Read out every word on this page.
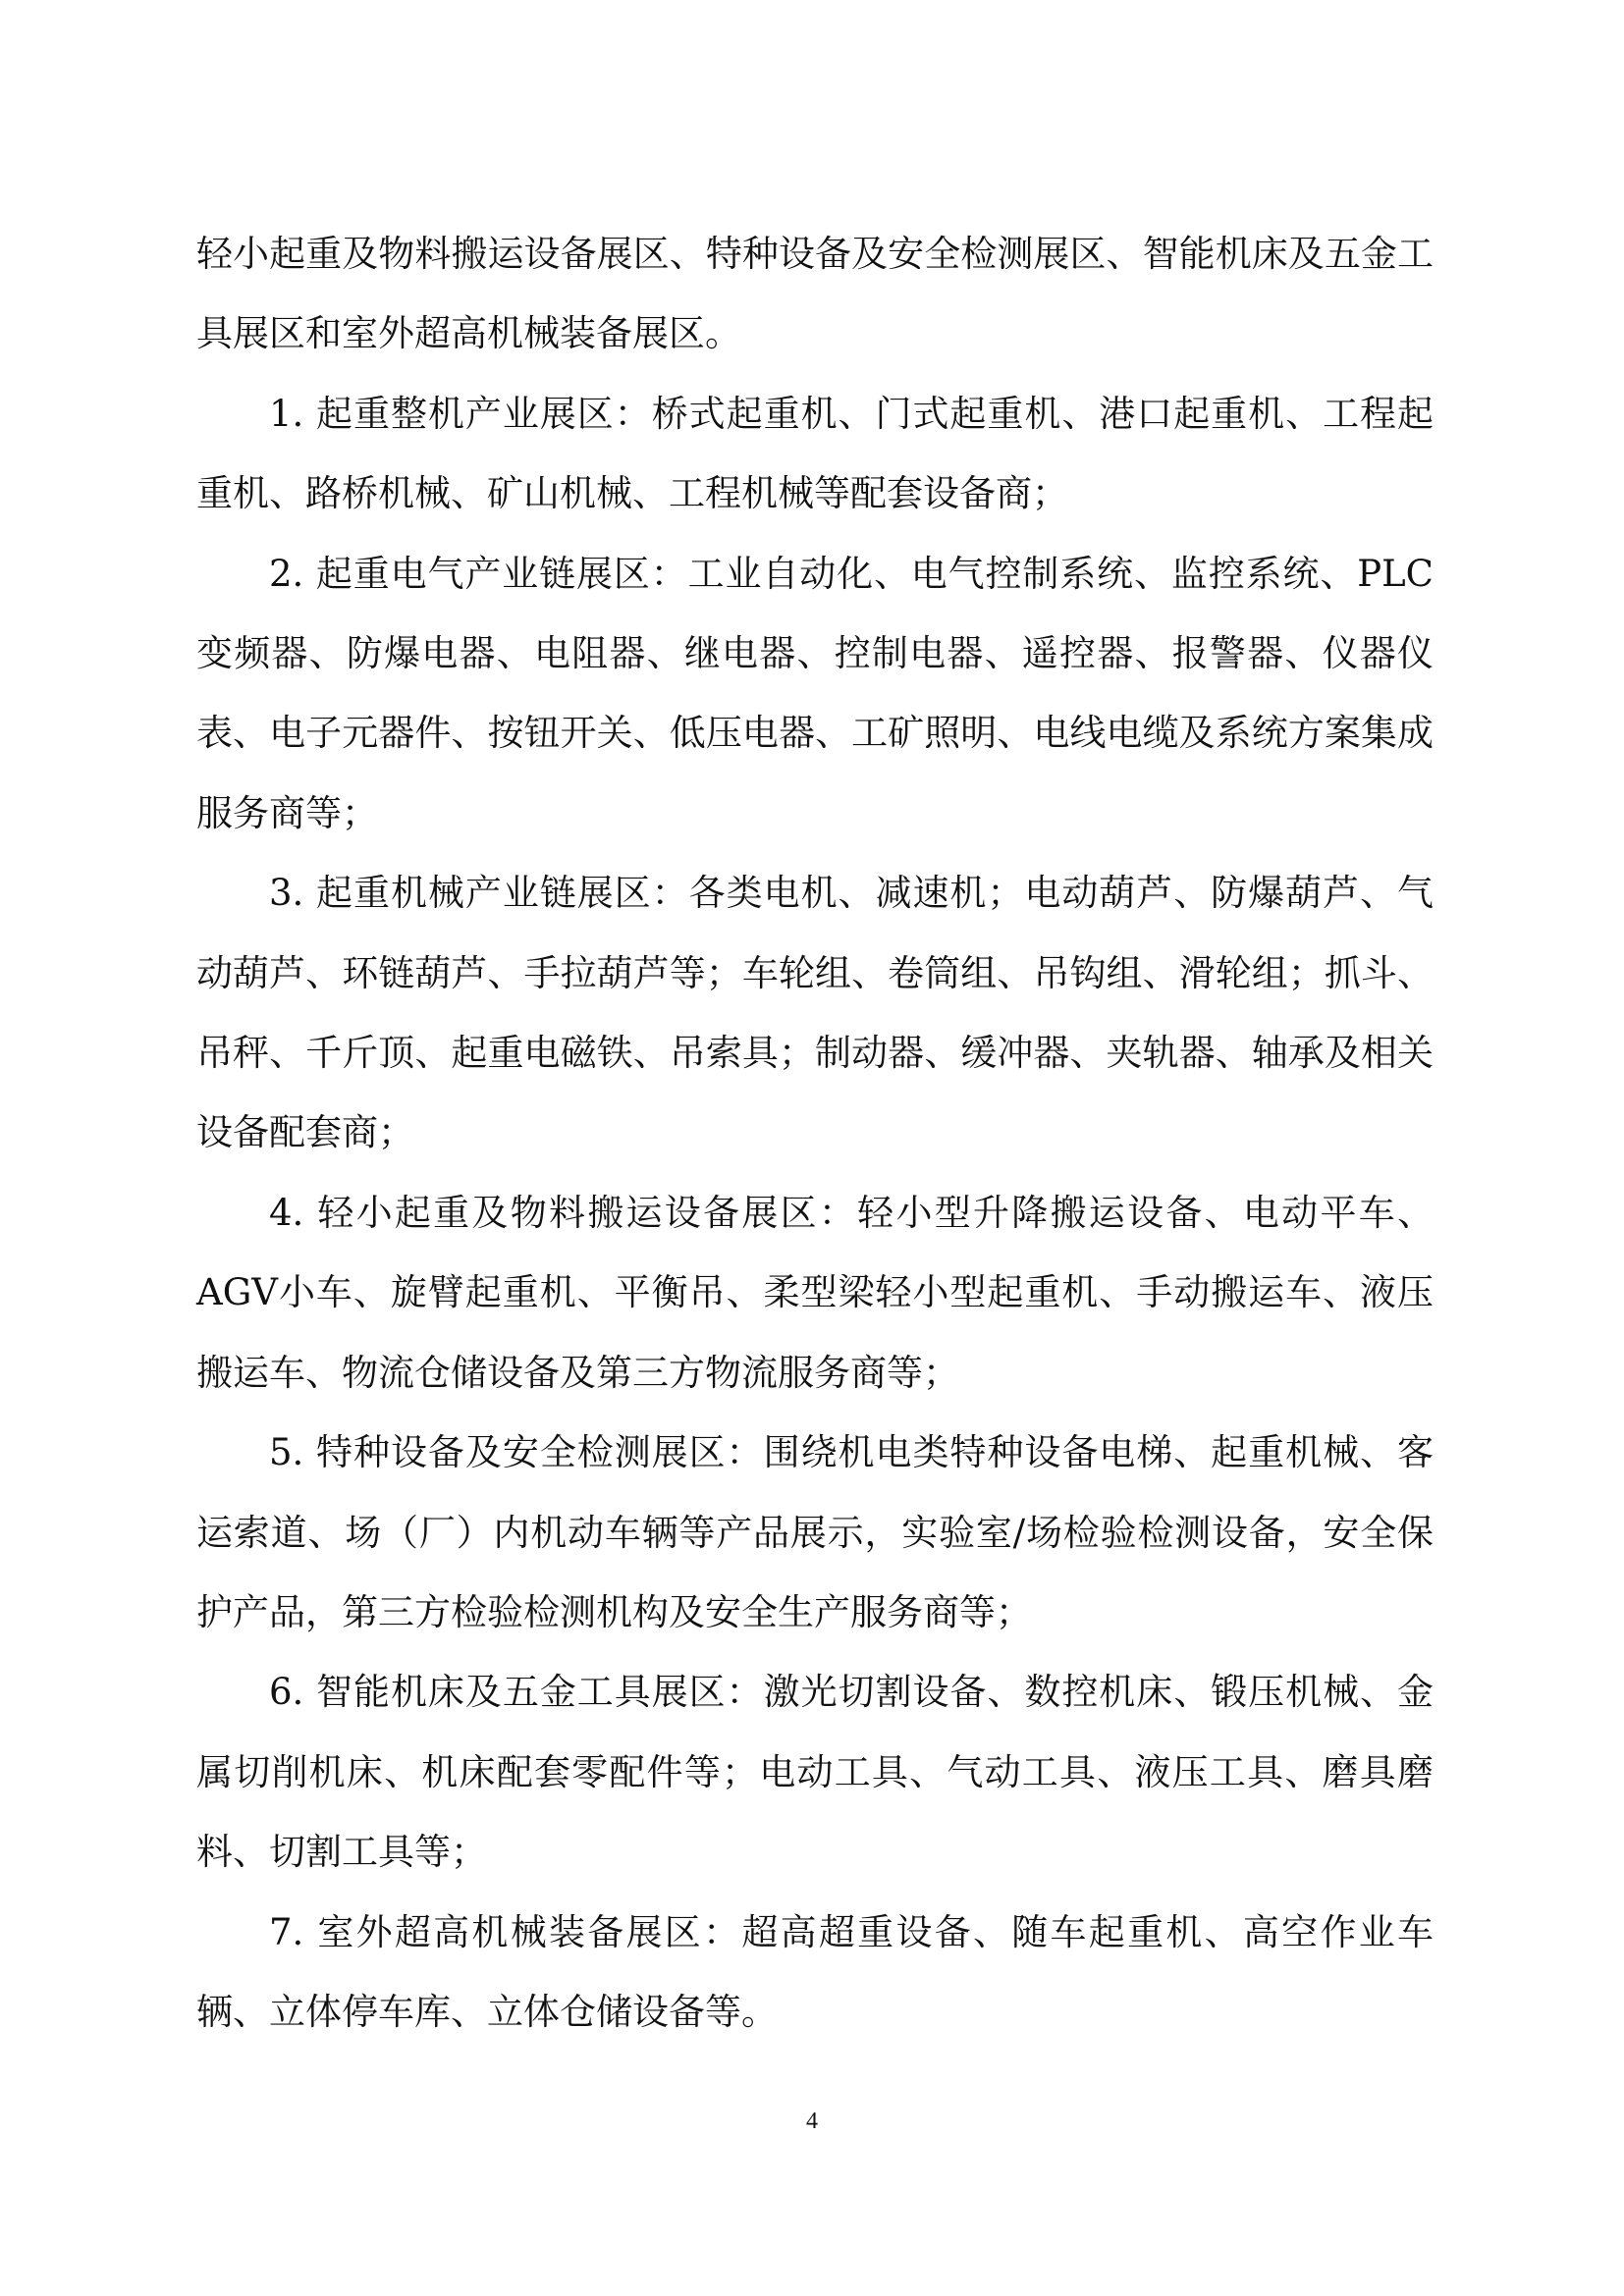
轻小起重及物料搬运设备展区、特种设备及安全检测展区、智能机床及五金工具展区和室外超高机械装备展区。

1. 起重整机产业展区：桥式起重机、门式起重机、港口起重机、工程起重机、路桥机械、矿山机械、工程机械等配套设备商；

2. 起重电气产业链展区：工业自动化、电气控制系统、监控系统、PLC变频器、防爆电器、电阻器、继电器、控制电器、遥控器、报警器、仪器仪表、电子元器件、按钮开关、低压电器、工矿照明、电线电缆及系统方案集成服务商等；

3. 起重机械产业链展区：各类电机、减速机；电动葫芦、防爆葫芦、气动葫芦、环链葫芦、手拉葫芦等；车轮组、卷筒组、吊钩组、滑轮组；抓斗、吊秤、千斤顶、起重电磁铁、吊索具；制动器、缓冲器、夹轨器、轴承及相关设备配套商；

4. 轻小起重及物料搬运设备展区：轻小型升降搬运设备、电动平车、AGV小车、旋臂起重机、平衡吊、柔型梁轻小型起重机、手动搬运车、液压搬运车、物流仓储设备及第三方物流服务商等；

5. 特种设备及安全检测展区：围绕机电类特种设备电梯、起重机械、客运索道、场（厂）内机动车辆等产品展示，实验室/场检验检测设备，安全保护产品，第三方检验检测机构及安全生产服务商等；

6. 智能机床及五金工具展区：激光切割设备、数控机床、锻压机械、金属切削机床、机床配套零配件等；电动工具、气动工具、液压工具、磨具磨料、切割工具等；

7. 室外超高机械装备展区：超高超重设备、随车起重机、高空作业车辆、立体停车库、立体仓储设备等。

4
